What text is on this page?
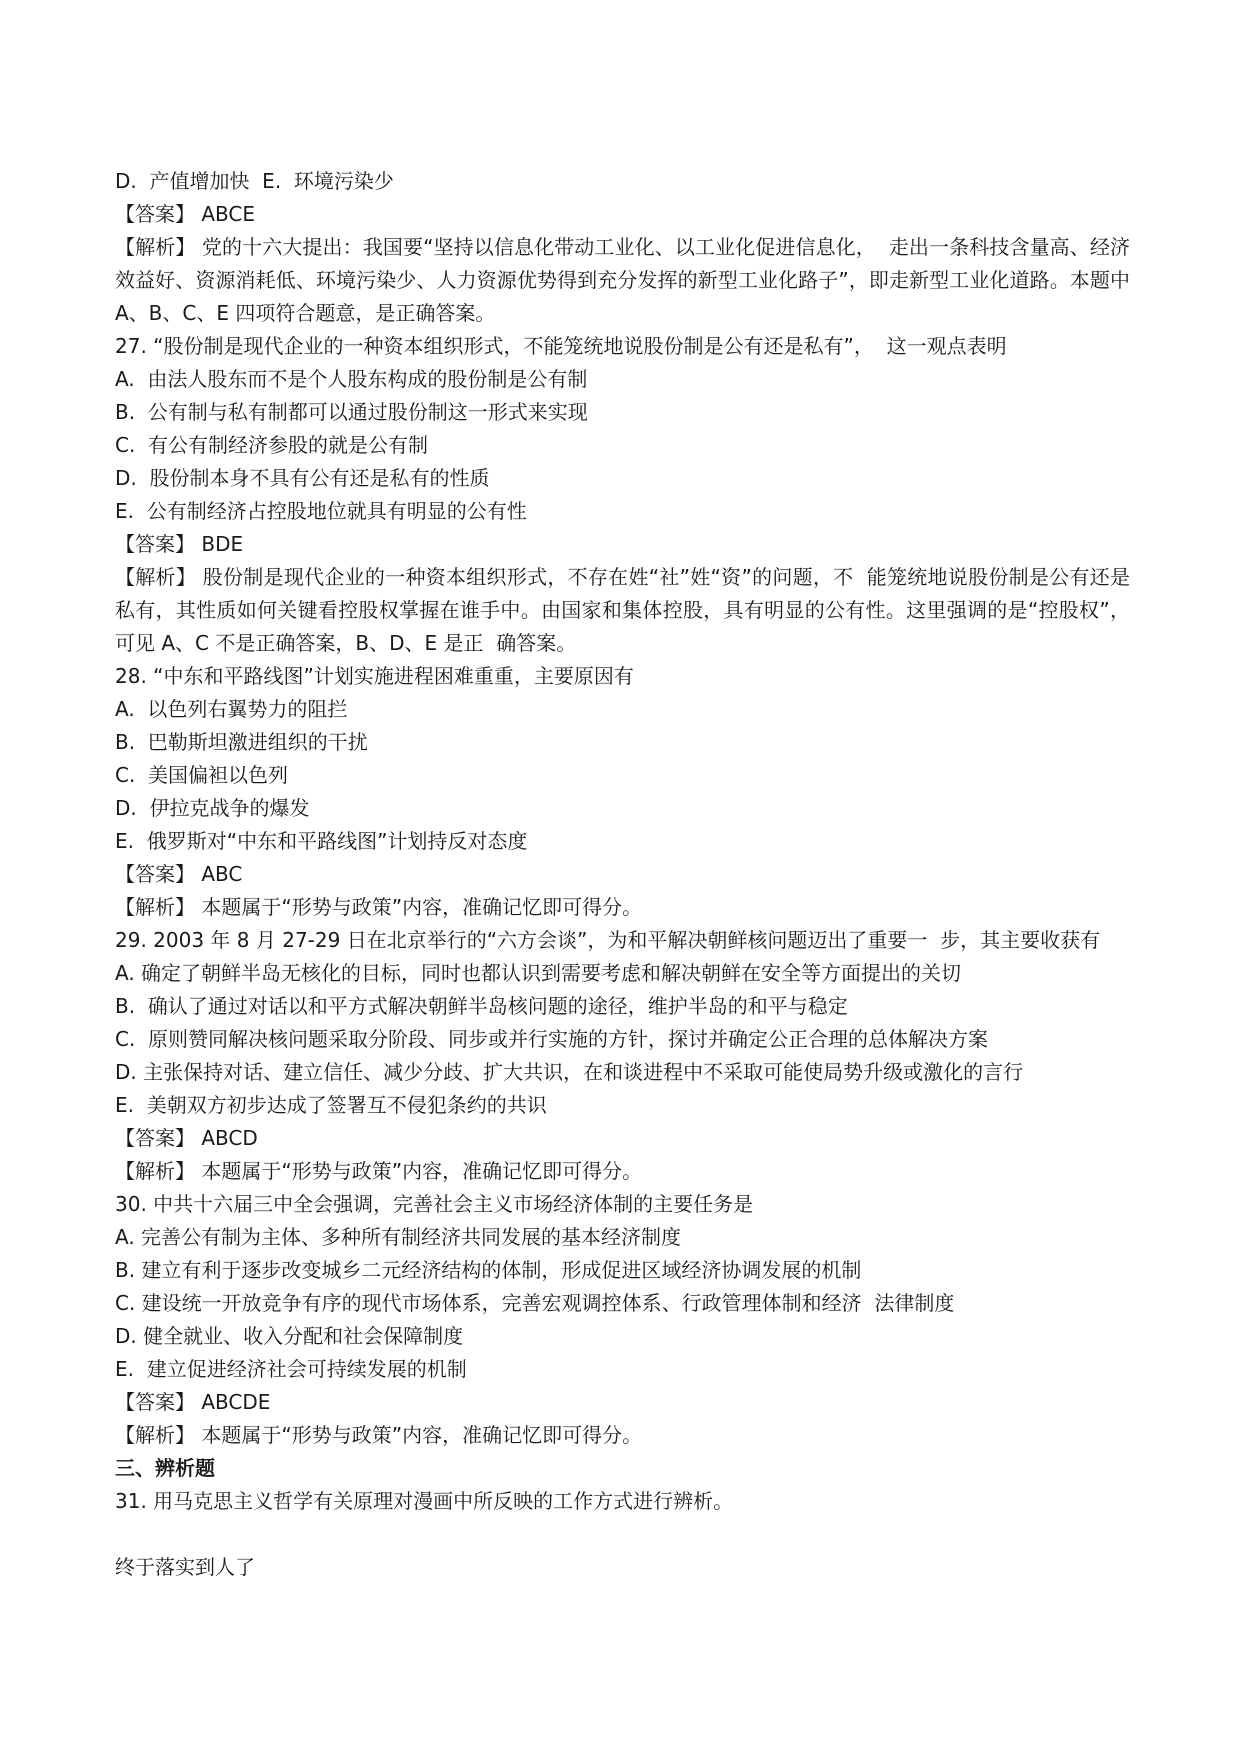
D.  产值增加快  E.  环境污染少
【答案】 ABCE
【解析】 党的十六大提出：我国要“坚持以信息化带动工业化、以工业化促进信息化，  走出一条科技含量高、经济效益好、资源消耗低、环境污染少、人力资源优势得到充分发挥的新型工业化路子”，即走新型工业化道路。本题中 A、B、C、E 四项符合题意，是正确答案。
27. “股份制是现代企业的一种资本组织形式，不能笼统地说股份制是公有还是私有”，  这一观点表明
A.  由法人股东而不是个人股东构成的股份制是公有制
B.  公有制与私有制都可以通过股份制这一形式来实现
C.  有公有制经济参股的就是公有制
D.  股份制本身不具有公有还是私有的性质
E.  公有制经济占控股地位就具有明显的公有性
【答案】 BDE
【解析】 股份制是现代企业的一种资本组织形式，不存在姓“社”姓“资”的问题，不  能笼统地说股份制是公有还是私有，其性质如何关键看控股权掌握在谁手中。由国家和集体控股，具有明显的公有性。这里强调的是“控股权”，可见 A、C 不是正确答案，B、D、E 是正  确答案。
28. “中东和平路线图”计划实施进程困难重重，主要原因有
A.  以色列右翼势力的阻拦
B.  巴勒斯坦激进组织的干扰
C.  美国偏袒以色列
D.  伊拉克战争的爆发
E.  俄罗斯对“中东和平路线图”计划持反对态度
【答案】 ABC
【解析】 本题属于“形势与政策”内容，准确记忆即可得分。
29. 2003 年 8 月 27-29 日在北京举行的“六方会谈”，为和平解决朝鲜核问题迈出了重要一  步，其主要收获有
A. 确定了朝鲜半岛无核化的目标，同时也都认识到需要考虑和解决朝鲜在安全等方面提出的关切
B.  确认了通过对话以和平方式解决朝鲜半岛核问题的途径，维护半岛的和平与稳定
C.  原则赞同解决核问题采取分阶段、同步或并行实施的方针，探讨并确定公正合理的总体解决方案
D. 主张保持对话、建立信任、减少分歧、扩大共识，在和谈进程中不采取可能使局势升级或激化的言行
E.  美朝双方初步达成了签署互不侵犯条约的共识
【答案】 ABCD
【解析】 本题属于“形势与政策”内容，准确记忆即可得分。
30. 中共十六届三中全会强调，完善社会主义市场经济体制的主要任务是
A. 完善公有制为主体、多种所有制经济共同发展的基本经济制度
B. 建立有利于逐步改变城乡二元经济结构的体制，形成促进区域经济协调发展的机制
C. 建设统一开放竞争有序的现代市场体系，完善宏观调控体系、行政管理体制和经济  法律制度
D. 健全就业、收入分配和社会保障制度
E.  建立促进经济社会可持续发展的机制
【答案】 ABCDE
【解析】 本题属于“形势与政策”内容，准确记忆即可得分。
三、辨析题
31. 用马克思主义哲学有关原理对漫画中所反映的工作方式进行辨析。
终于落实到人了
